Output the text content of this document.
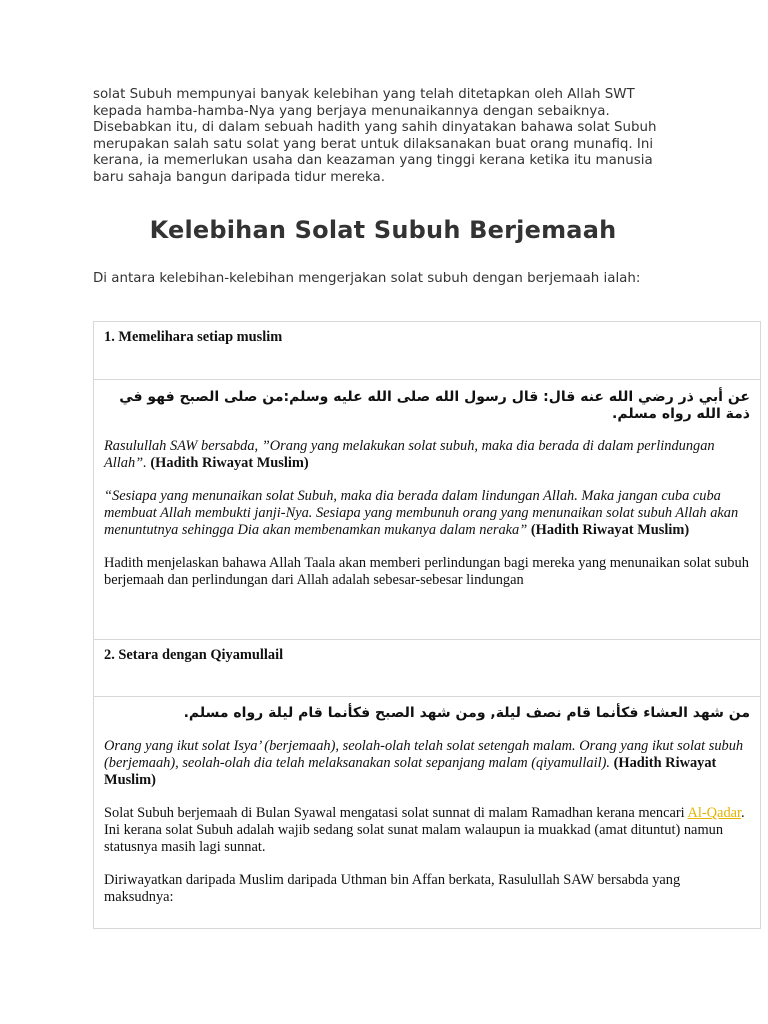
solat Subuh mempunyai banyak kelebihan yang telah ditetapkan oleh Allah SWT kepada hamba-hamba-Nya yang berjaya menunaikannya dengan sebaiknya. Disebabkan itu, di dalam sebuah hadith yang sahih dinyatakan bahawa solat Subuh merupakan salah satu solat yang berat untuk dilaksanakan buat orang munafiq. Ini kerana, ia memerlukan usaha dan keazaman yang tinggi kerana ketika itu manusia baru sahaja bangun daripada tidur mereka.

Kelebihan Solat Subuh Berjemaah

Di antara kelebihan-kelebihan mengerjakan solat subuh dengan berjemaah ialah:

1. Memelihara setiap muslim

عن أبي ذر رضي الله عنه قال: قال رسول الله صلى الله عليه وسلم:من صلى الصبح فهو في ذمة الله رواه مسلم.

Rasulullah SAW bersabda, ”Orang yang melakukan solat subuh, maka dia berada di dalam perlindungan Allah”. (Hadith Riwayat Muslim)

“Sesiapa yang menunaikan solat Subuh, maka dia berada dalam lindungan Allah. Maka jangan cuba cuba membuat Allah membukti janji-Nya. Sesiapa yang membunuh orang yang menunaikan solat subuh Allah akan menuntutnya sehingga Dia akan membenamkan mukanya dalam neraka” (Hadith Riwayat Muslim)

Hadith menjelaskan bahawa Allah Taala akan memberi perlindungan bagi mereka yang menunaikan solat subuh berjemaah dan perlindungan dari Allah adalah sebesar-sebesar lindungan

2. Setara dengan Qiyamullail

من شهد العشاء فكأنما قام نصف ليلة, ومن شهد الصبح فكأنما قام ليلة رواه مسلم.

Orang yang ikut solat Isya’ (berjemaah), seolah-olah telah solat setengah malam. Orang yang ikut solat subuh (berjemaah), seolah-olah dia telah melaksanakan solat sepanjang malam (qiyamullail). (Hadith Riwayat Muslim)

Solat Subuh berjemaah di Bulan Syawal mengatasi solat sunnat di malam Ramadhan kerana mencari Al-Qadar. Ini kerana solat Subuh adalah wajib sedang solat sunat malam walaupun ia muakkad (amat dituntut) namun statusnya masih lagi sunnat.

Diriwayatkan daripada Muslim daripada Uthman bin Affan berkata, Rasulullah SAW bersabda yang maksudnya:
